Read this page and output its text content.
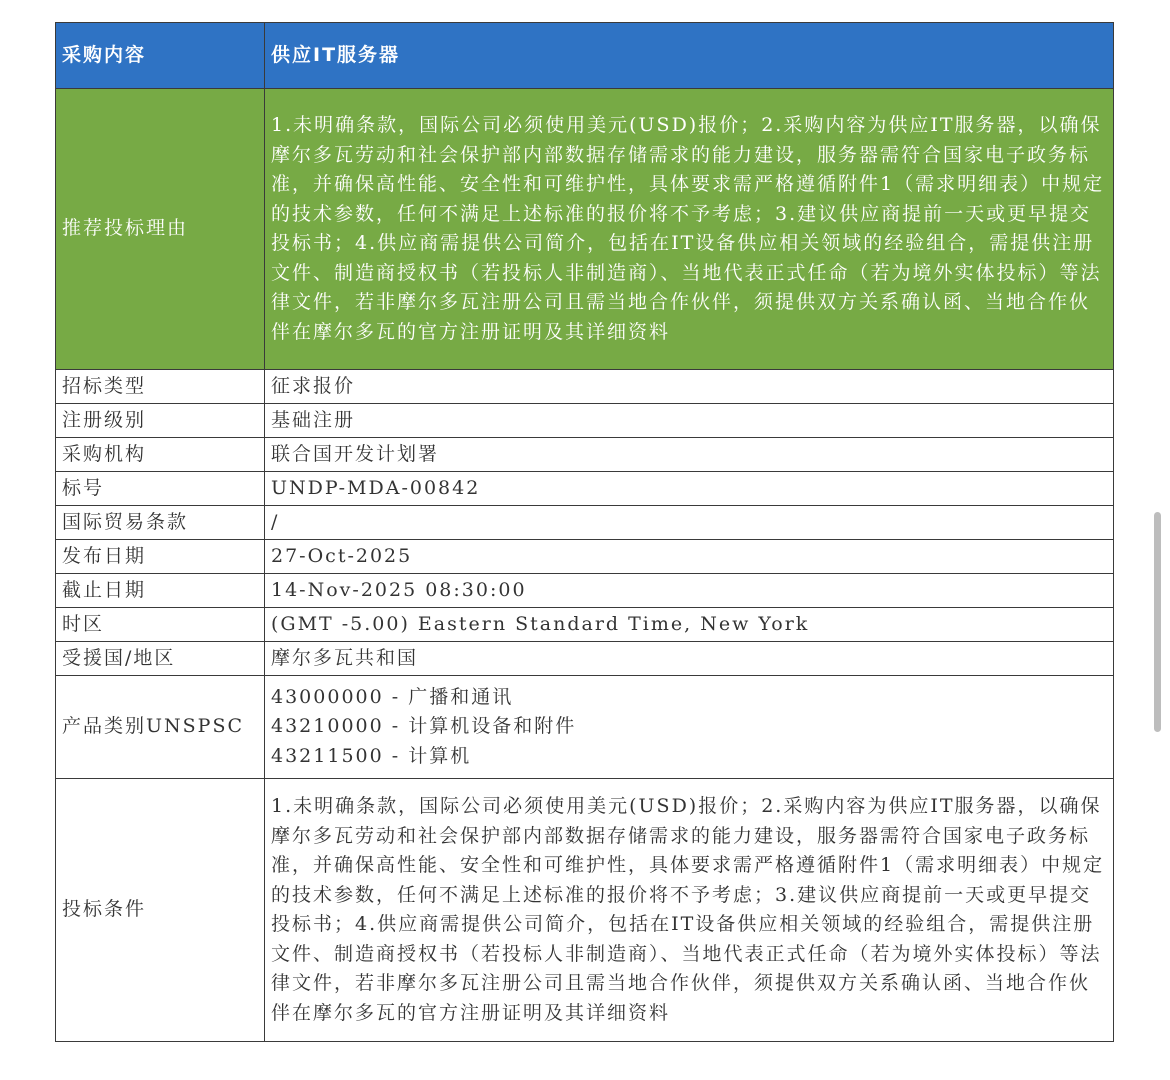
采购内容	供应IT服务器
推荐投标理由	1.未明确条款，国际公司必须使用美元(USD)报价；2.采购内容为供应IT服务器，以确保摩尔多瓦劳动和社会保护部内部数据存储需求的能力建设，服务器需符合国家电子政务标准，并确保高性能、安全性和可维护性，具体要求需严格遵循附件1（需求明细表）中规定的技术参数，任何不满足上述标准的报价将不予考虑；3.建议供应商提前一天或更早提交投标书；4.供应商需提供公司简介，包括在IT设备供应相关领域的经验组合，需提供注册文件、制造商授权书（若投标人非制造商）、当地代表正式任命（若为境外实体投标）等法律文件，若非摩尔多瓦注册公司且需当地合作伙伴，须提供双方关系确认函、当地合作伙伴在摩尔多瓦的官方注册证明及其详细资料
招标类型	征求报价
注册级别	基础注册
采购机构	联合国开发计划署
标号	UNDP-MDA-00842
国际贸易条款	/
发布日期	27-Oct-2025
截止日期	14-Nov-2025 08:30:00
时区	(GMT -5.00) Eastern Standard Time, New York
受援国/地区	摩尔多瓦共和国
产品类别UNSPSC	43000000 - 广播和通讯
43210000 - 计算机设备和附件
43211500 - 计算机

投标条件	1.未明确条款，国际公司必须使用美元(USD)报价；2.采购内容为供应IT服务器，以确保摩尔多瓦劳动和社会保护部内部数据存储需求的能力建设，服务器需符合国家电子政务标准，并确保高性能、安全性和可维护性，具体要求需严格遵循附件1（需求明细表）中规定的技术参数，任何不满足上述标准的报价将不予考虑；3.建议供应商提前一天或更早提交投标书；4.供应商需提供公司简介，包括在IT设备供应相关领域的经验组合，需提供注册文件、制造商授权书（若投标人非制造商）、当地代表正式任命（若为境外实体投标）等法律文件，若非摩尔多瓦注册公司且需当地合作伙伴，须提供双方关系确认函、当地合作伙伴在摩尔多瓦的官方注册证明及其详细资料
